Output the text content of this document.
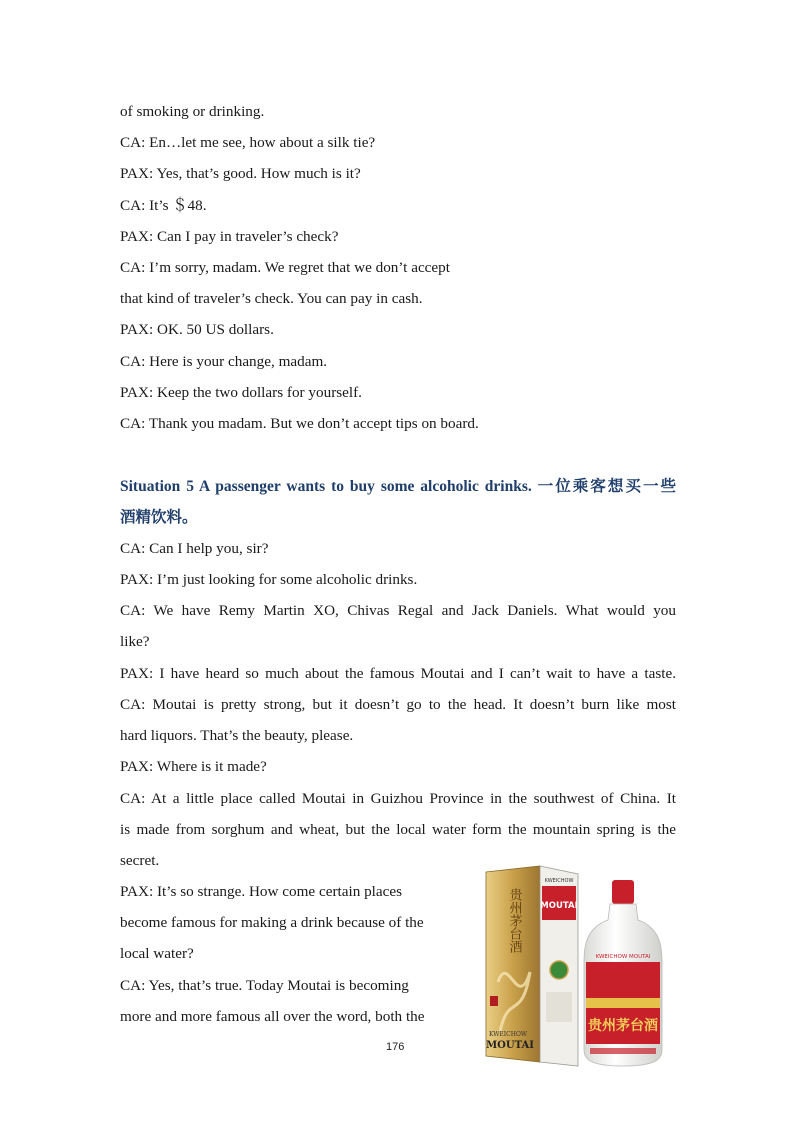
of smoking or drinking.
CA: En…let me see, how about a silk tie?
PAX: Yes, that’s good. How much is it?
CA: It’s ＄48.
PAX: Can I pay in traveler’s check?
CA: I’m sorry, madam. We regret that we don’t accept
that kind of traveler’s check. You can pay in cash.
PAX: OK. 50 US dollars.
CA: Here is your change, madam.
PAX: Keep the two dollars for yourself.
CA: Thank you madam. But we don’t accept tips on board.
Situation 5 A passenger wants to buy some alcoholic drinks. 一位乘客想买一些
酒精饮料。
CA: Can I help you, sir?
PAX: I’m just looking for some alcoholic drinks.
CA: We have Remy Martin XO, Chivas Regal and Jack Daniels. What would you
like?
PAX: I have heard so much about the famous Moutai and I can’t wait to have a taste.
CA: Moutai is pretty strong, but it doesn’t go to the head. It doesn’t burn like most
hard liquors. That’s the beauty, please.
PAX: Where is it made?
CA: At a little place called Moutai in Guizhou Province in the southwest of China. It
is made from sorghum and wheat, but the local water form the mountain spring is the
secret.
PAX: It’s so strange. How come certain places
become famous for making a drink because of the
local water?
CA: Yes, that’s true. Today Moutai is becoming
more and more famous all over the word, both the
贵州茅台酒
KWEICHOW
MOUTAI
KWEICHOW
MOUTAI
KWEICHOW MOUTAI
贵州茅台酒
176
